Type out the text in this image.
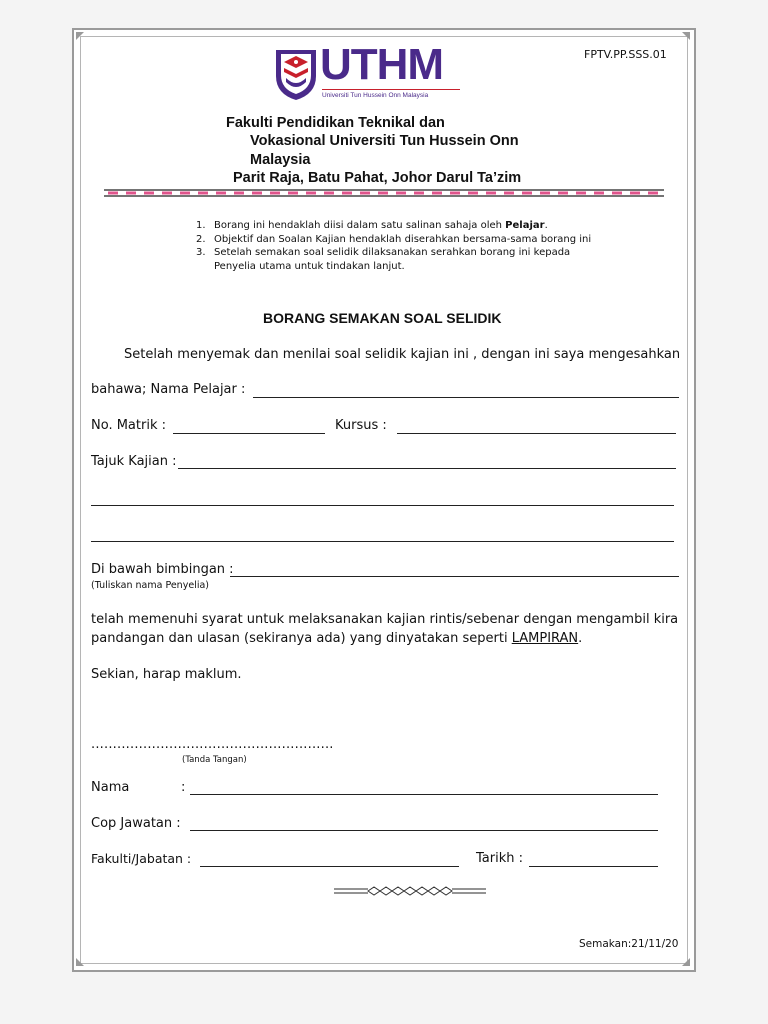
FPTV.PP.SSS.01
UTHM
Universiti Tun Hussein Onn Malaysia
Fakulti Pendidikan Teknikal dan
Vokasional Universiti Tun Hussein Onn
Malaysia
Parit Raja, Batu Pahat, Johor Darul Ta’zim
1. Borang ini hendaklah diisi dalam satu salinan sahaja oleh Pelajar.
2. Objektif dan Soalan Kajian hendaklah diserahkan bersama-sama borang ini
3. Setelah semakan soal selidik dilaksanakan serahkan borang ini kepada
Penyelia utama untuk tindakan lanjut.
BORANG SEMAKAN SOAL SELIDIK
Setelah menyemak dan menilai soal selidik kajian ini , dengan ini saya mengesahkan
bahawa; Nama Pelajar :
No. Matrik :	Kursus :
Tajuk Kajian :
Di bawah bimbingan :
(Tuliskan nama Penyelia)
telah memenuhi syarat untuk melaksanakan kajian rintis/sebenar dengan mengambil kira
pandangan dan ulasan (sekiranya ada) yang dinyatakan seperti LAMPIRAN.
Sekian, harap maklum.
........................................................
(Tanda Tangan)
Nama	:
Cop Jawatan :
Fakulti/Jabatan :	Tarikh :
Semakan:21/11/20
